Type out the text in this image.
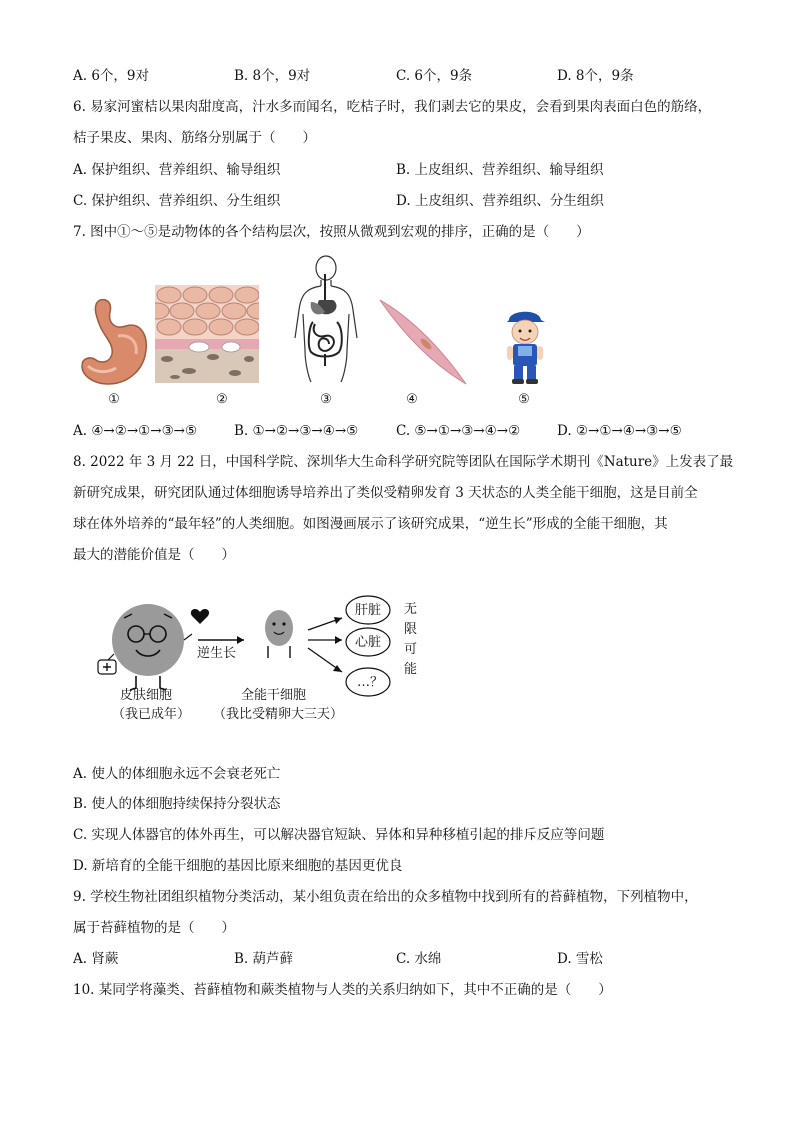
A. 6个，9对	B. 8个，9对	C. 6个，9条	D. 8个，9条
6. 易家河蜜桔以果肉甜度高，汁水多而闻名，吃桔子时，我们剥去它的果皮，会看到果肉表面白色的筋络，
桔子果皮、果肉、筋络分别属于（　　）
A. 保护组织、营养组织、输导组织	B. 上皮组织、营养组织、输导组织
C. 保护组织、营养组织、分生组织	D. 上皮组织、营养组织、分生组织
7. 图中①～⑤是动物体的各个结构层次，按照从微观到宏观的排序，正确的是（　　）
①	②	③	④	⑤
A. ④→②→①→③→⑤	B. ①→②→③→④→⑤	C. ⑤→①→③→④→②	D. ②→①→④→③→⑤
8. 2022 年 3 月 22 日，中国科学院、深圳华大生命科学研究院等团队在国际学术期刊《Nature》上发表了最
新研究成果，研究团队通过体细胞诱导培养出了类似受精卵发育 3 天状态的人类全能干细胞，这是目前全
球在体外培养的“最年轻”的人类细胞。如图漫画展示了该研究成果，“逆生长”形成的全能干细胞，其
最大的潜能价值是（　　）
逆生长
肝脏
心脏
…？
无
限
可
能
皮肤细胞
（我已成年）
全能干细胞
（我比受精卵大三天）
A. 使人的体细胞永远不会衰老死亡
B. 使人的体细胞持续保持分裂状态
C. 实现人体器官的体外再生，可以解决器官短缺、异体和异种移植引起的排斥反应等问题
D. 新培育的全能干细胞的基因比原来细胞的基因更优良
9. 学校生物社团组织植物分类活动，某小组负责在给出的众多植物中找到所有的苔藓植物，下列植物中，
属于苔藓植物的是（　　）
A. 肾蕨	B. 葫芦藓	C. 水绵	D. 雪松
10. 某同学将藻类、苔藓植物和蕨类植物与人类的关系归纳如下，其中不正确的是（　　）
